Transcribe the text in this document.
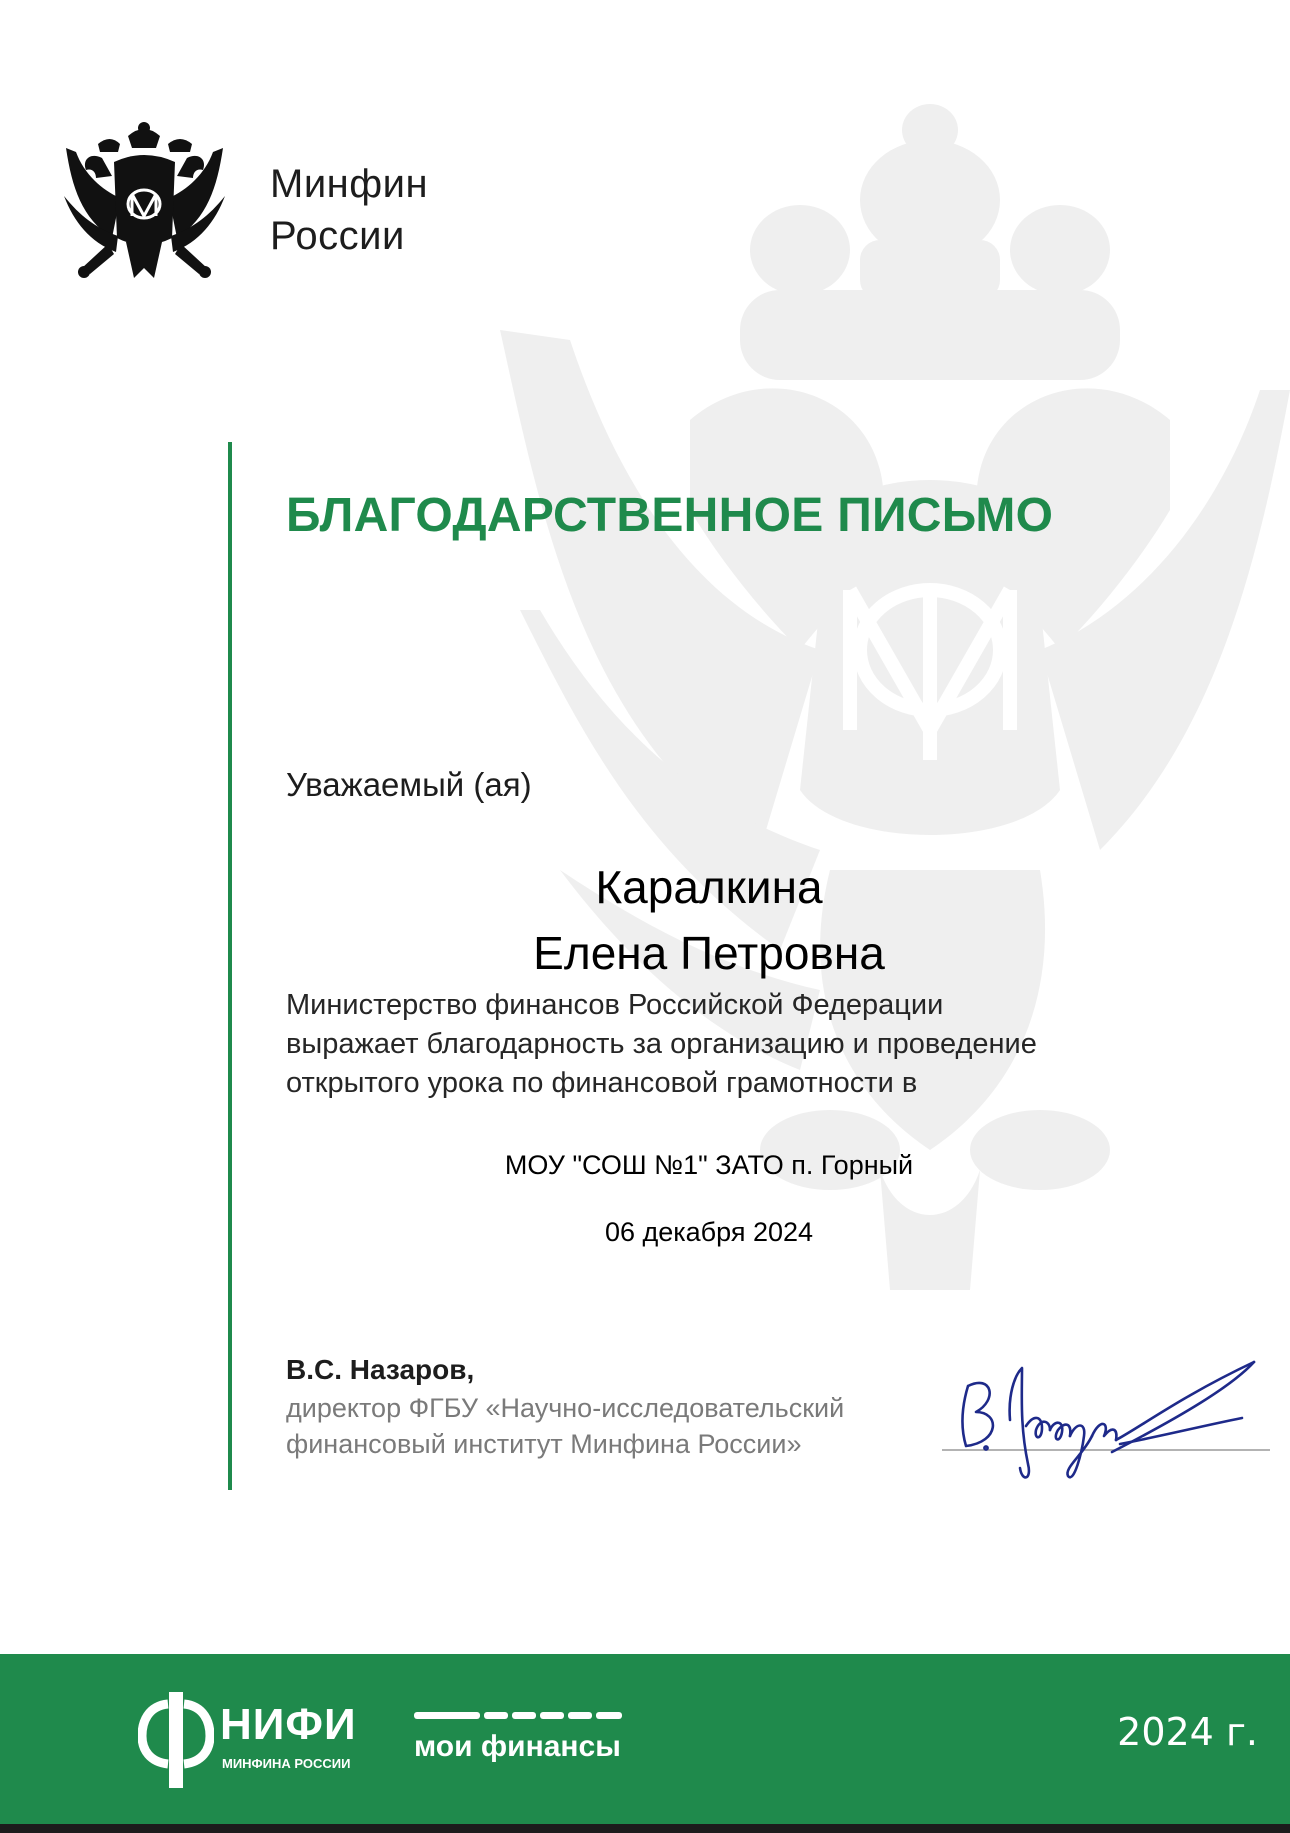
Минфин
России
БЛАГОДАРСТВЕННОЕ ПИСЬМО
Уважаемый (ая)
Каралкина
Елена Петровна
Министерство финансов Российской Федерации
выражает благодарность за организацию и проведение
открытого урока по финансовой грамотности в
МОУ "СОШ №1" ЗАТО п. Горный
06 декабря 2024
В.С. Назаров,
директор ФГБУ «Научно-исследовательский
финансовый институт Минфина России»
НИФИ
МИНФИНА РОССИИ
мои финансы	2024 г.
